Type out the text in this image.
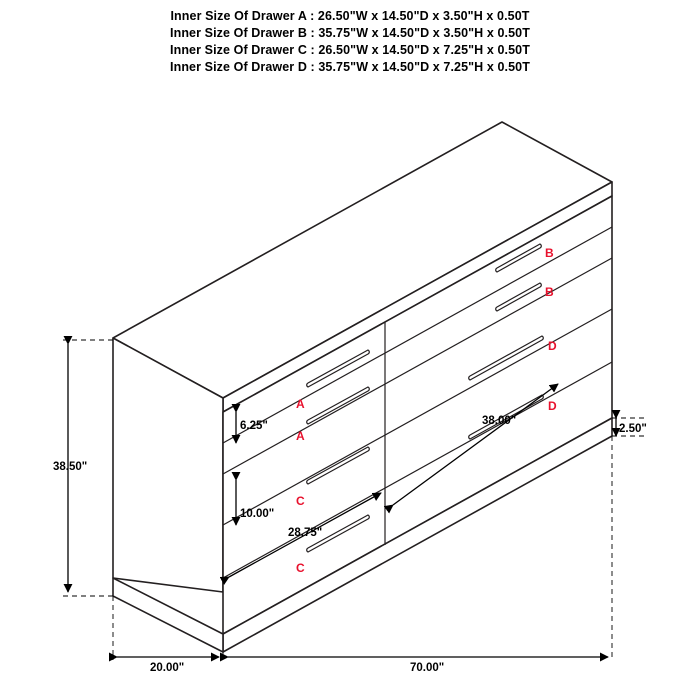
Inner Size Of Drawer A : 26.50"W x 14.50"D x 3.50"H x 0.50T
Inner Size Of Drawer B : 35.75"W x 14.50"D x 3.50"H x 0.50T
Inner Size Of Drawer C : 26.50"W x 14.50"D x 7.25"H x 0.50T
Inner Size Of Drawer D : 35.75"W x 14.50"D x 7.25"H x 0.50T
6.25"	38.00"
2.50"
38.50"
10.00"
28.75"
20.00"	70.00"
B
B
D
A	D
A
C
C
